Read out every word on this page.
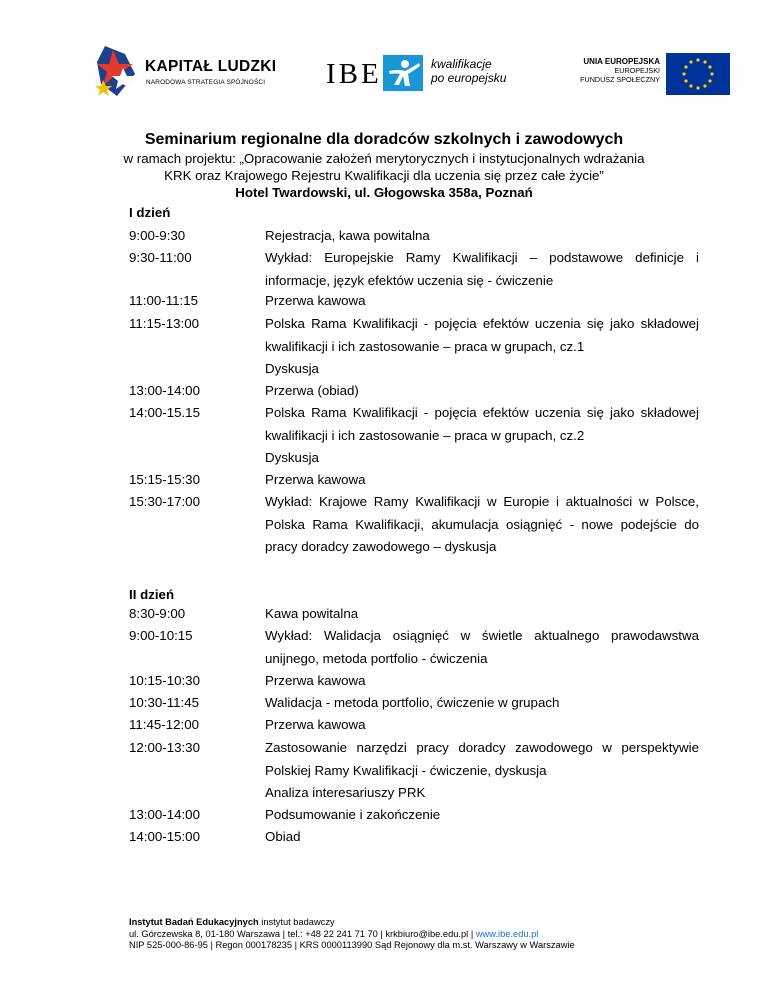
KAPITAŁ LUDZKI
NARODOWA STRATEGIA SPÓJNOŚCI IBE	kwalifikacje
po europejsku
UNIA EUROPEJSKA
EUROPEJSKI
FUNDUSZ SPOŁECZNY
Seminarium regionalne dla doradców szkolnych i zawodowych
w ramach projektu: „Opracowanie założeń merytorycznych i instytucjonalnych wdrażania
KRK oraz Krajowego Rejestru Kwalifikacji dla uczenia się przez całe życie”
Hotel Twardowski, ul. Głogowska 358a, Poznań
I dzień
9:00-9:30	Rejestracja, kawa powitalna
9:30-11:00	Wykład: Europejskie Ramy Kwalifikacji – podstawowe definicje i informacje, język efektów uczenia się - ćwiczenie
11:00-11:15	Przerwa kawowa
11:15-13:00	Polska Rama Kwalifikacji - pojęcia efektów uczenia się jako składowej kwalifikacji i ich zastosowanie – praca w grupach, cz.1
Dyskusja
13:00-14:00	Przerwa (obiad)
14:00-15.15	Polska Rama Kwalifikacji - pojęcia efektów uczenia się jako składowej kwalifikacji i ich zastosowanie – praca w grupach, cz.2
Dyskusja
15:15-15:30	Przerwa kawowa
15:30-17:00	Wykład: Krajowe Ramy Kwalifikacji w Europie i aktualności w Polsce, Polska Rama Kwalifikacji, akumulacja osiągnięć - nowe podejście do pracy doradcy zawodowego – dyskusja
II dzień
8:30-9:00	Kawa powitalna
9:00-10:15	Wykład: Walidacja osiągnięć w świetle aktualnego prawodawstwa unijnego, metoda portfolio - ćwiczenia
10:15-10:30	Przerwa kawowa
10:30-11:45	Walidacja - metoda portfolio, ćwiczenie w grupach
11:45-12:00	Przerwa kawowa
12:00-13:30	Zastosowanie narzędzi pracy doradcy zawodowego w perspektywie Polskiej Ramy Kwalifikacji - ćwiczenie, dyskusja
Analiza interesariuszy PRK
13:00-14:00	Podsumowanie i zakończenie
14:00-15:00	Obiad
Instytut Badań Edukacyjnych instytut badawczy
ul. Górczewska 8, 01-180 Warszawa | tel.: +48 22 241 71 70 | krkbiuro@ibe.edu.pl | www.ibe.edu.pl
NIP 525-000-86-95 | Regon 000178235 | KRS 0000113990 Sąd Rejonowy dla m.st. Warszawy w Warszawie
